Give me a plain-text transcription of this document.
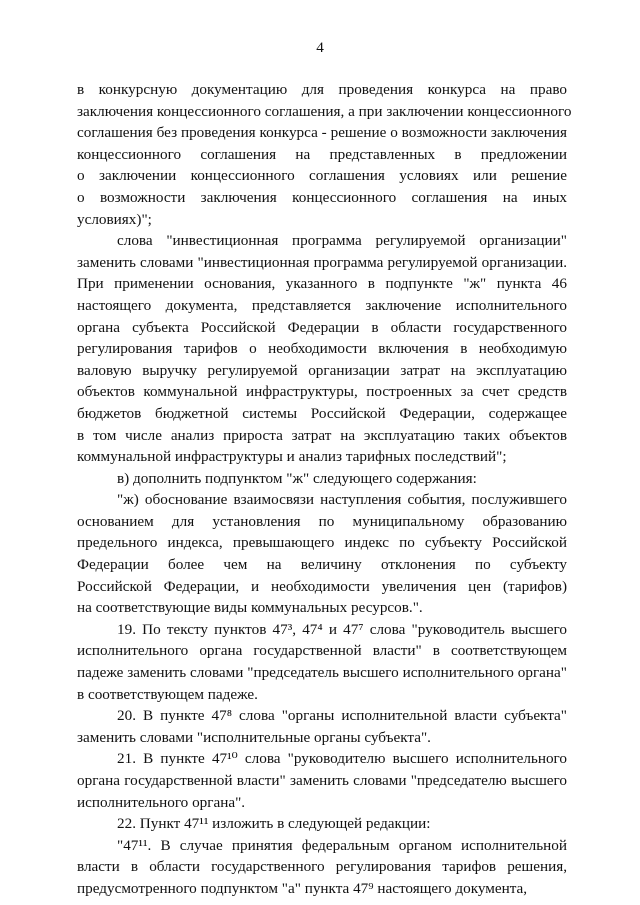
4
в конкурсную документацию для проведения конкурса на право
заключения концессионного соглашения, а при заключении концессионного
соглашения без проведения конкурса - решение о возможности заключения
концессионного соглашения на представленных в предложении
о заключении концессионного соглашения условиях или решение
о возможности заключения концессионного соглашения на иных
условиях)";
слова "инвестиционная программа регулируемой организации"
заменить словами "инвестиционная программа регулируемой организации.
При применении основания, указанного в подпункте "ж" пункта 46
настоящего документа, представляется заключение исполнительного
органа субъекта Российской Федерации в области государственного
регулирования тарифов о необходимости включения в необходимую
валовую выручку регулируемой организации затрат на эксплуатацию
объектов коммунальной инфраструктуры, построенных за счет средств
бюджетов бюджетной системы Российской Федерации, содержащее
в том числе анализ прироста затрат на эксплуатацию таких объектов
коммунальной инфраструктуры и анализ тарифных последствий";
в) дополнить подпунктом "ж" следующего содержания:
"ж) обоснование взаимосвязи наступления события, послужившего
основанием для установления по муниципальному образованию
предельного индекса, превышающего индекс по субъекту Российской
Федерации более чем на величину отклонения по субъекту
Российской Федерации, и необходимости увеличения цен (тарифов)
на соответствующие виды коммунальных ресурсов.".
19. По тексту пунктов 47³, 47⁴ и 47⁷ слова "руководитель высшего
исполнительного органа государственной власти" в соответствующем
падеже заменить словами "председатель высшего исполнительного органа"
в соответствующем падеже.
20. В пункте 47⁸ слова "органы исполнительной власти субъекта"
заменить словами "исполнительные органы субъекта".
21. В пункте 47¹⁰ слова "руководителю высшего исполнительного
органа государственной власти" заменить словами "председателю высшего
исполнительного органа".
22. Пункт 47¹¹ изложить в следующей редакции:
"47¹¹. В случае принятия федеральным органом исполнительной
власти в области государственного регулирования тарифов решения,
предусмотренного подпунктом "а" пункта 47⁹ настоящего документа,
